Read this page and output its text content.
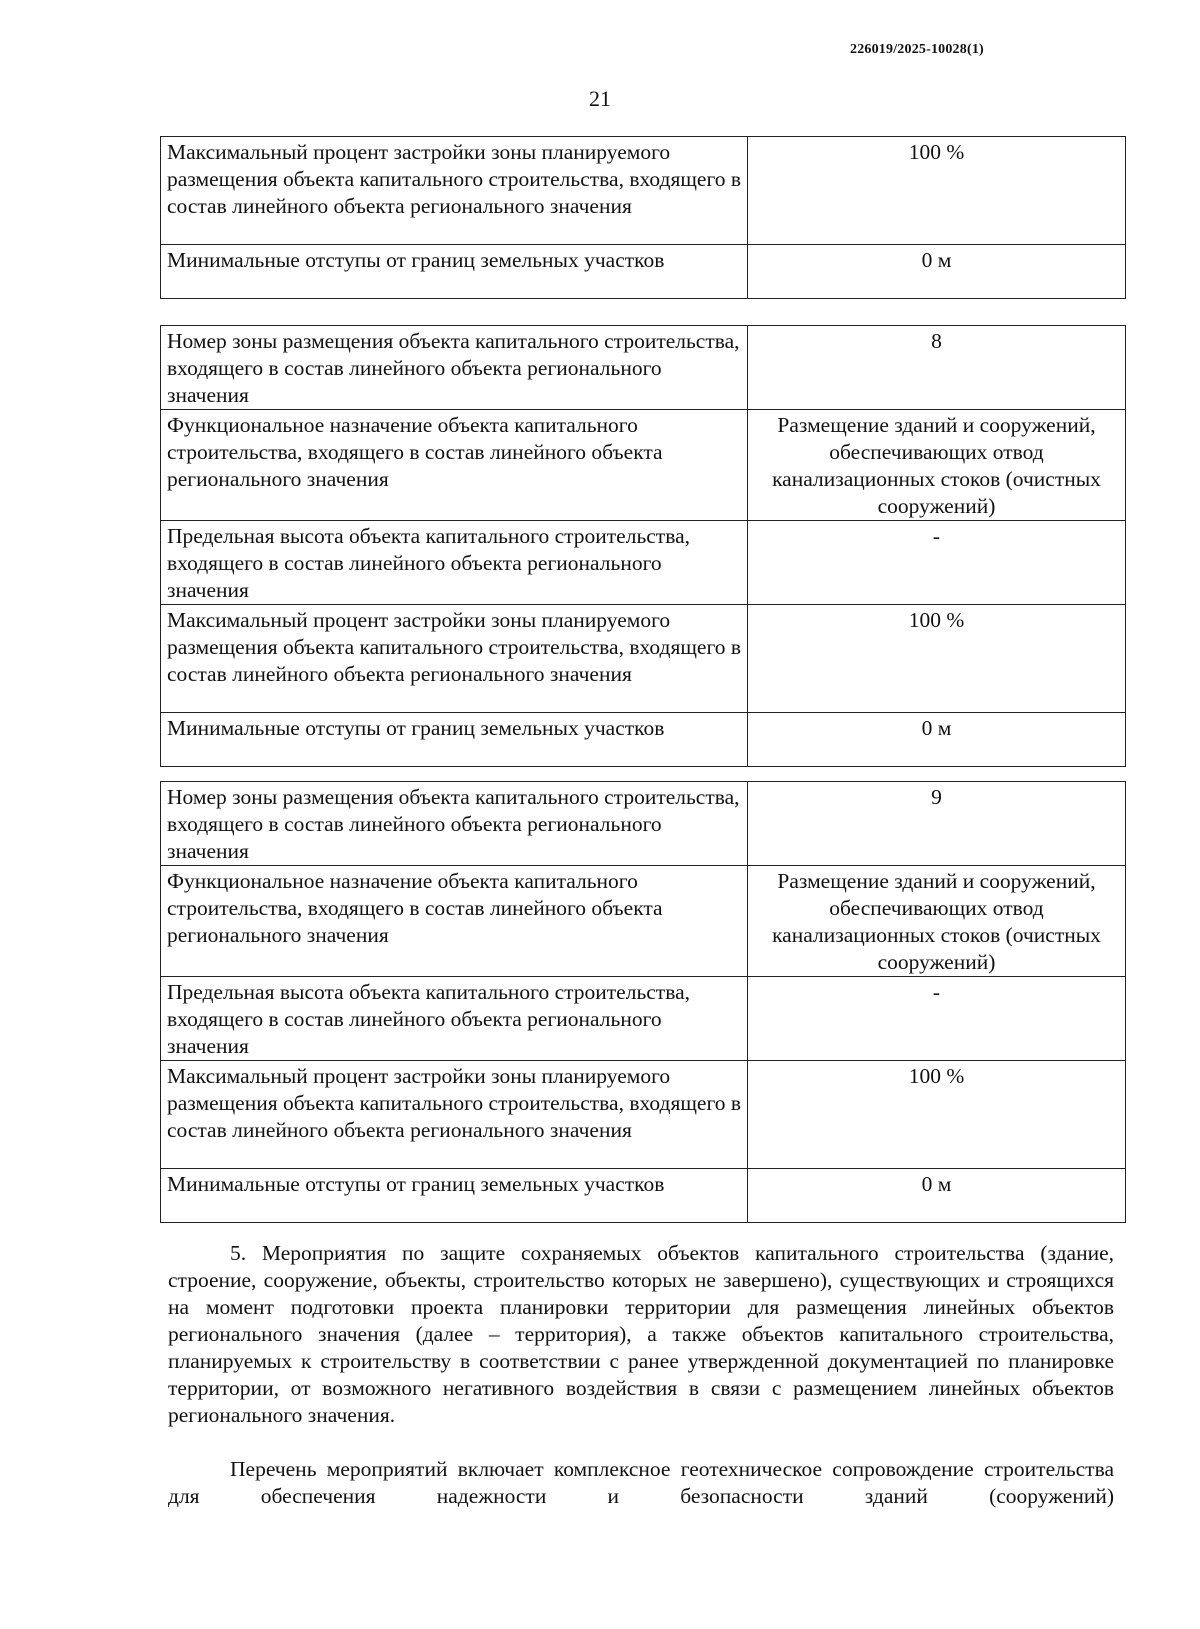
226019/2025-10028(1)
21
Максимальный процент застройки зоны планируемого размещения объекта капитального строительства, входящего в состав линейного объекта регионального значения	100 %
Минимальные отступы от границ земельных участков	0 м
Номер зоны размещения объекта капитального строительства, входящего в состав линейного объекта регионального значения	8
Функциональное назначение объекта капитального строительства, входящего в состав линейного объекта регионального значения	Размещение зданий и сооружений, обеспечивающих отвод канализационных стоков (очистных сооружений)
Предельная высота объекта капитального строительства, входящего в состав линейного объекта регионального значения	-
Максимальный процент застройки зоны планируемого размещения объекта капитального строительства, входящего в состав линейного объекта регионального значения	100 %
Минимальные отступы от границ земельных участков	0 м
Номер зоны размещения объекта капитального строительства, входящего в состав линейного объекта регионального значения	9
Функциональное назначение объекта капитального строительства, входящего в состав линейного объекта регионального значения	Размещение зданий и сооружений, обеспечивающих отвод канализационных стоков (очистных сооружений)
Предельная высота объекта капитального строительства, входящего в состав линейного объекта регионального значения	-
Максимальный процент застройки зоны планируемого размещения объекта капитального строительства, входящего в состав линейного объекта регионального значения	100 %
Минимальные отступы от границ земельных участков	0 м

5. Мероприятия по защите сохраняемых объектов капитального строительства (здание, строение, сооружение, объекты, строительство которых не завершено), существующих и строящихся на момент подготовки проекта планировки территории для размещения линейных объектов регионального значения (далее – территория), а также объектов капитального строительства, планируемых к строительству в соответствии с ранее утвержденной документацией по планировке территории, от возможного негативного воздействия в связи с размещением линейных объектов регионального значения.

Перечень мероприятий включает комплексное геотехническое сопровождение строительства для обеспечения надежности и безопасности зданий (сооружений)
